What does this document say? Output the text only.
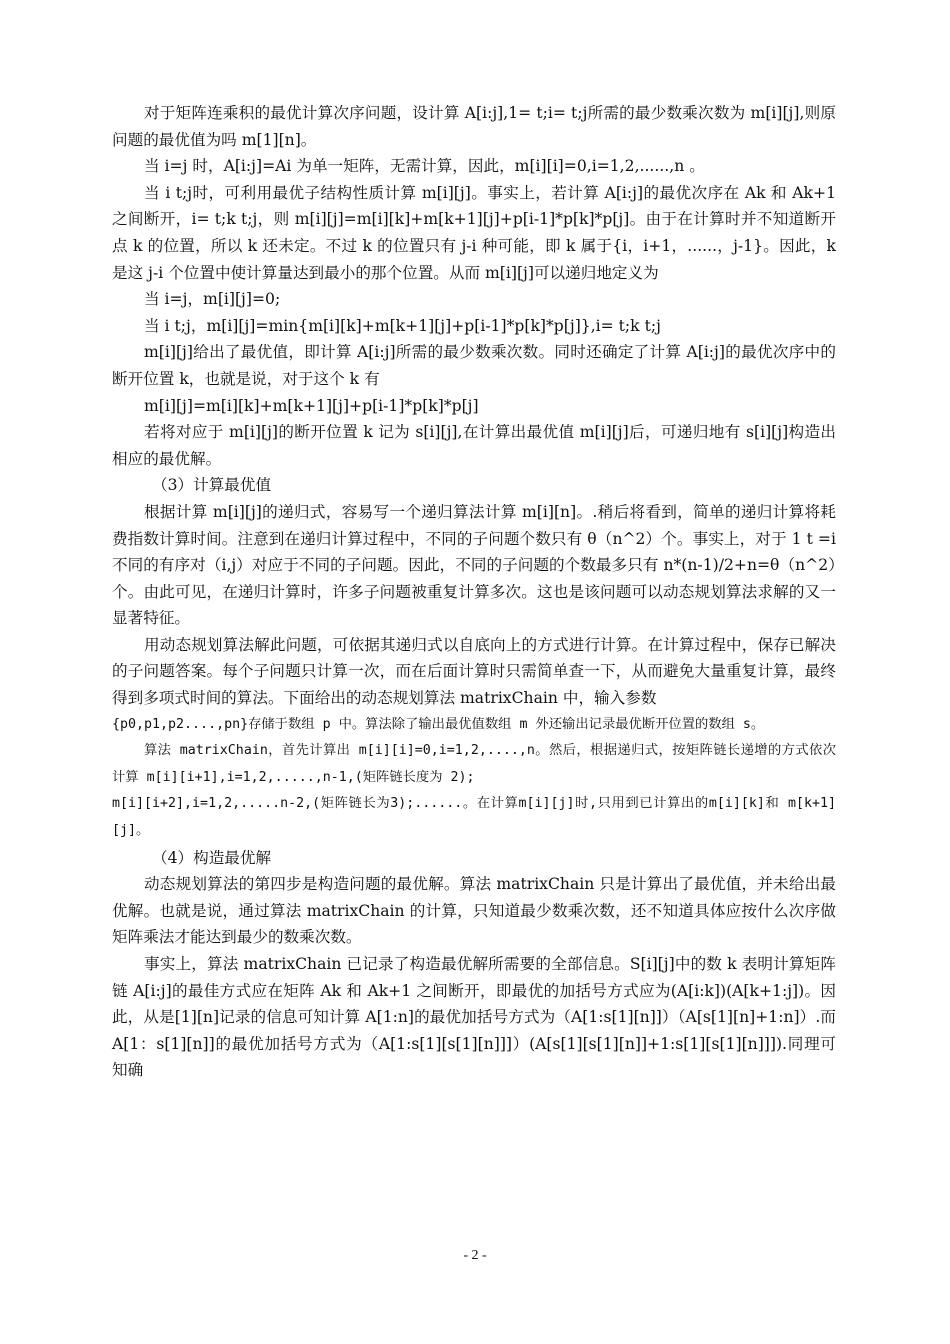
对于矩阵连乘积的最优计算次序问题，设计算 A[i:j],1= t;i= t;j所需的最少数乘次数为 m[i][j],则原问题的最优值为吗 m[1][n]。

当 i=j 时，A[i:j]=Ai 为单一矩阵，无需计算，因此，m[i][i]=0,i=1,2,......,n 。

当 i t;j时，可利用最优子结构性质计算 m[i][j]。事实上，若计算 A[i:j]的最优次序在 Ak 和 Ak+1 之间断开，i= t;k t;j，则 m[i][j]=m[i][k]+m[k+1][j]+p[i-1]*p[k]*p[j]。由于在计算时并不知道断开点 k 的位置，所以 k 还未定。不过 k 的位置只有 j-i 种可能，即 k 属于{i，i+1，......，j-1}。因此，k 是这 j-i 个位置中使计算量达到最小的那个位置。从而 m[i][j]可以递归地定义为

当 i=j，m[i][j]=0;

当 i t;j，m[i][j]=min{m[i][k]+m[k+1][j]+p[i-1]*p[k]*p[j]},i= t;k t;j

m[i][j]给出了最优值，即计算 A[i:j]所需的最少数乘次数。同时还确定了计算 A[i:j]的最优次序中的断开位置 k，也就是说，对于这个 k 有

m[i][j]=m[i][k]+m[k+1][j]+p[i-1]*p[k]*p[j]

若将对应于 m[i][j]的断开位置 k 记为 s[i][j],在计算出最优值 m[i][j]后，可递归地有 s[i][j]构造出相应的最优解。

（3）计算最优值

根据计算 m[i][j]的递归式，容易写一个递归算法计算 m[i][n]。.稍后将看到，简单的递归计算将耗费指数计算时间。注意到在递归计算过程中，不同的子问题个数只有 θ（n^2）个。事实上，对于 1 t =i 不同的有序对（i,j）对应于不同的子问题。因此，不同的子问题的个数最多只有 n*(n-1)/2+n=θ（n^2）个。由此可见，在递归计算时，许多子问题被重复计算多次。这也是该问题可以动态规划算法求解的又一显著特征。

用动态规划算法解此问题，可依据其递归式以自底向上的方式进行计算。在计算过程中，保存已解决的子问题答案。每个子问题只计算一次，而在后面计算时只需简单查一下，从而避免大量重复计算，最终得到多项式时间的算法。下面给出的动态规划算法 matrixChain 中，输入参数

{p0,p1,p2....,pn}存储于数组 p 中。算法除了输出最优值数组 m 外还输出记录最优断开位置的数组 s。

算法 matrixChain，首先计算出 m[i][i]=0,i=1,2,....,n。然后，根据递归式，按矩阵链长递增的方式依次计算 m[i][i+1],i=1,2,.....,n-1,(矩阵链长度为 2);

m[i][i+2],i=1,2,.....n-2,(矩阵链长为3);......。在计算m[i][j]时,只用到已计算出的m[i][k]和 m[k+1][j]。

（4）构造最优解

动态规划算法的第四步是构造问题的最优解。算法 matrixChain 只是计算出了最优值，并未给出最优解。也就是说，通过算法 matrixChain 的计算，只知道最少数乘次数，还不知道具体应按什么次序做矩阵乘法才能达到最少的数乘次数。

事实上，算法 matrixChain 已记录了构造最优解所需要的全部信息。S[i][j]中的数 k 表明计算矩阵链 A[i:j]的最佳方式应在矩阵 Ak 和 Ak+1 之间断开，即最优的加括号方式应为(A[i:k])(A[k+1:j])。因此，从是[1][n]记录的信息可知计算 A[1:n]的最优加括号方式为（A[1:s[1][n]]）（A[s[1][n]+1:n]）.而 A[1：s[1][n]]的最优加括号方式为（A[1:s[1][s[1][n]]]）(A[s[1][s[1][n]]+1:s[1][s[1][n]]]).同理可知确

- 2 -
